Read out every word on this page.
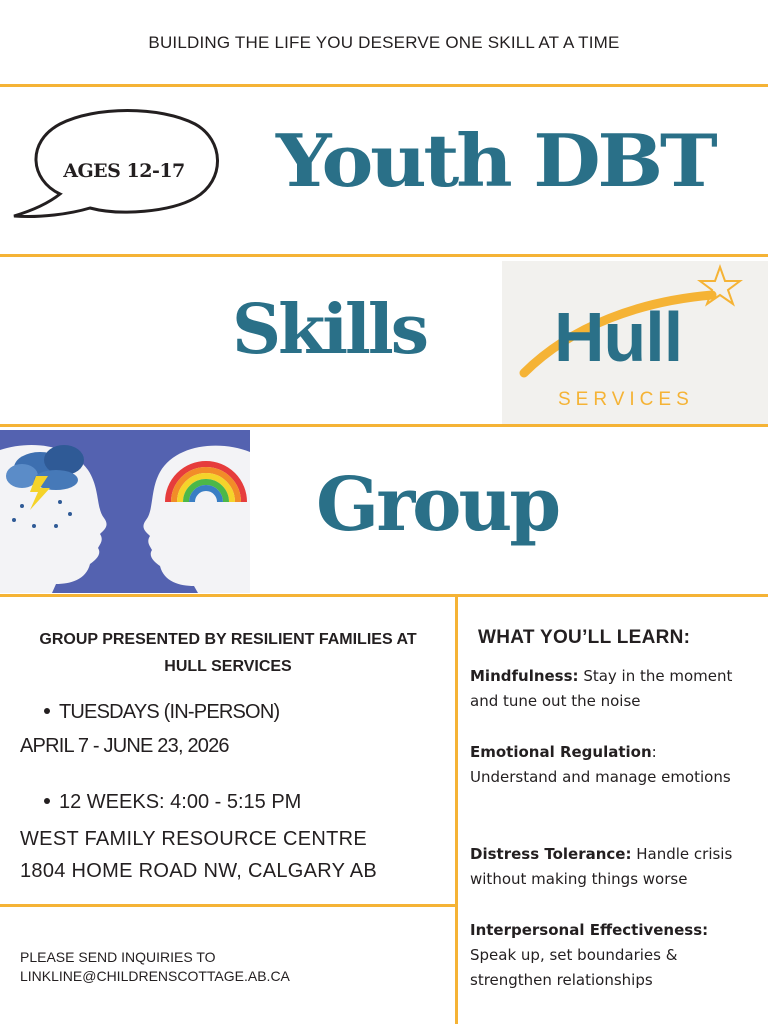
BUILDING THE LIFE YOU DESERVE ONE SKILL AT A TIME
AGES 12-17 Youth DBT
Skills
Group
Hull
SERVICES
GROUP PRESENTED BY RESILIENT FAMILIES AT HULL SERVICES
TUESDAYS (IN-PERSON)
APRIL 7 - JUNE 23, 2026
12 WEEKS: 4:00 - 5:15 PM
WEST FAMILY RESOURCE CENTRE
1804 HOME ROAD NW, CALGARY AB
PLEASE SEND INQUIRIES TO
LINKLINE@CHILDRENSCOTTAGE.AB.CA
WHAT YOU’LL LEARN:
Mindfulness: Stay in the moment and tune out the noise
Emotional Regulation:
Understand and manage emotions
Distress Tolerance: Handle crisis without making things worse
Interpersonal Effectiveness:
Speak up, set boundaries & strengthen relationships
